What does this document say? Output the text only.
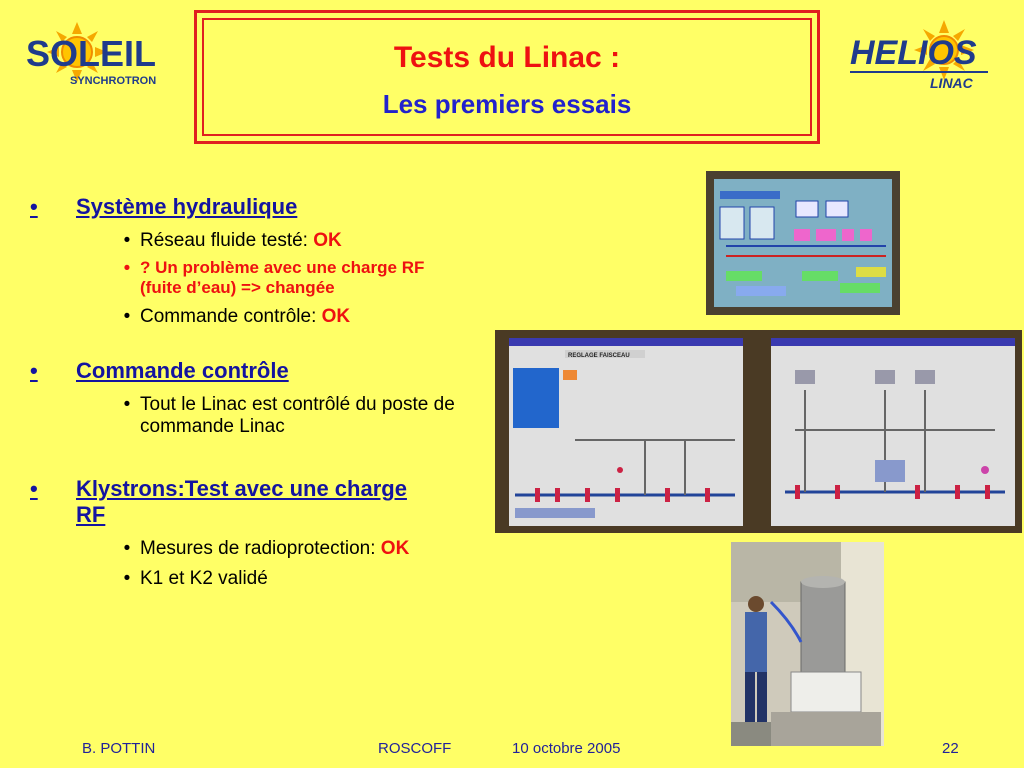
SOLEIL
SYNCHROTRON
Tests du Linac :
Les premiers essais
HELIOS
LINAC
•	Système hydraulique
• Réseau fluide testé: OK
• ? Un problème avec une charge RF (fuite d’eau) => changée
• Commande contrôle: OK
•	Commande contrôle
• Tout le Linac est contrôlé du poste de commande Linac
•	Klystrons:Test avec une charge RF
• Mesures de radioprotection: OK
• K1 et K2 validé
REGLAGE FAISCEAU
B. POTTIN	ROSCOFF	10 octobre 2005	22
